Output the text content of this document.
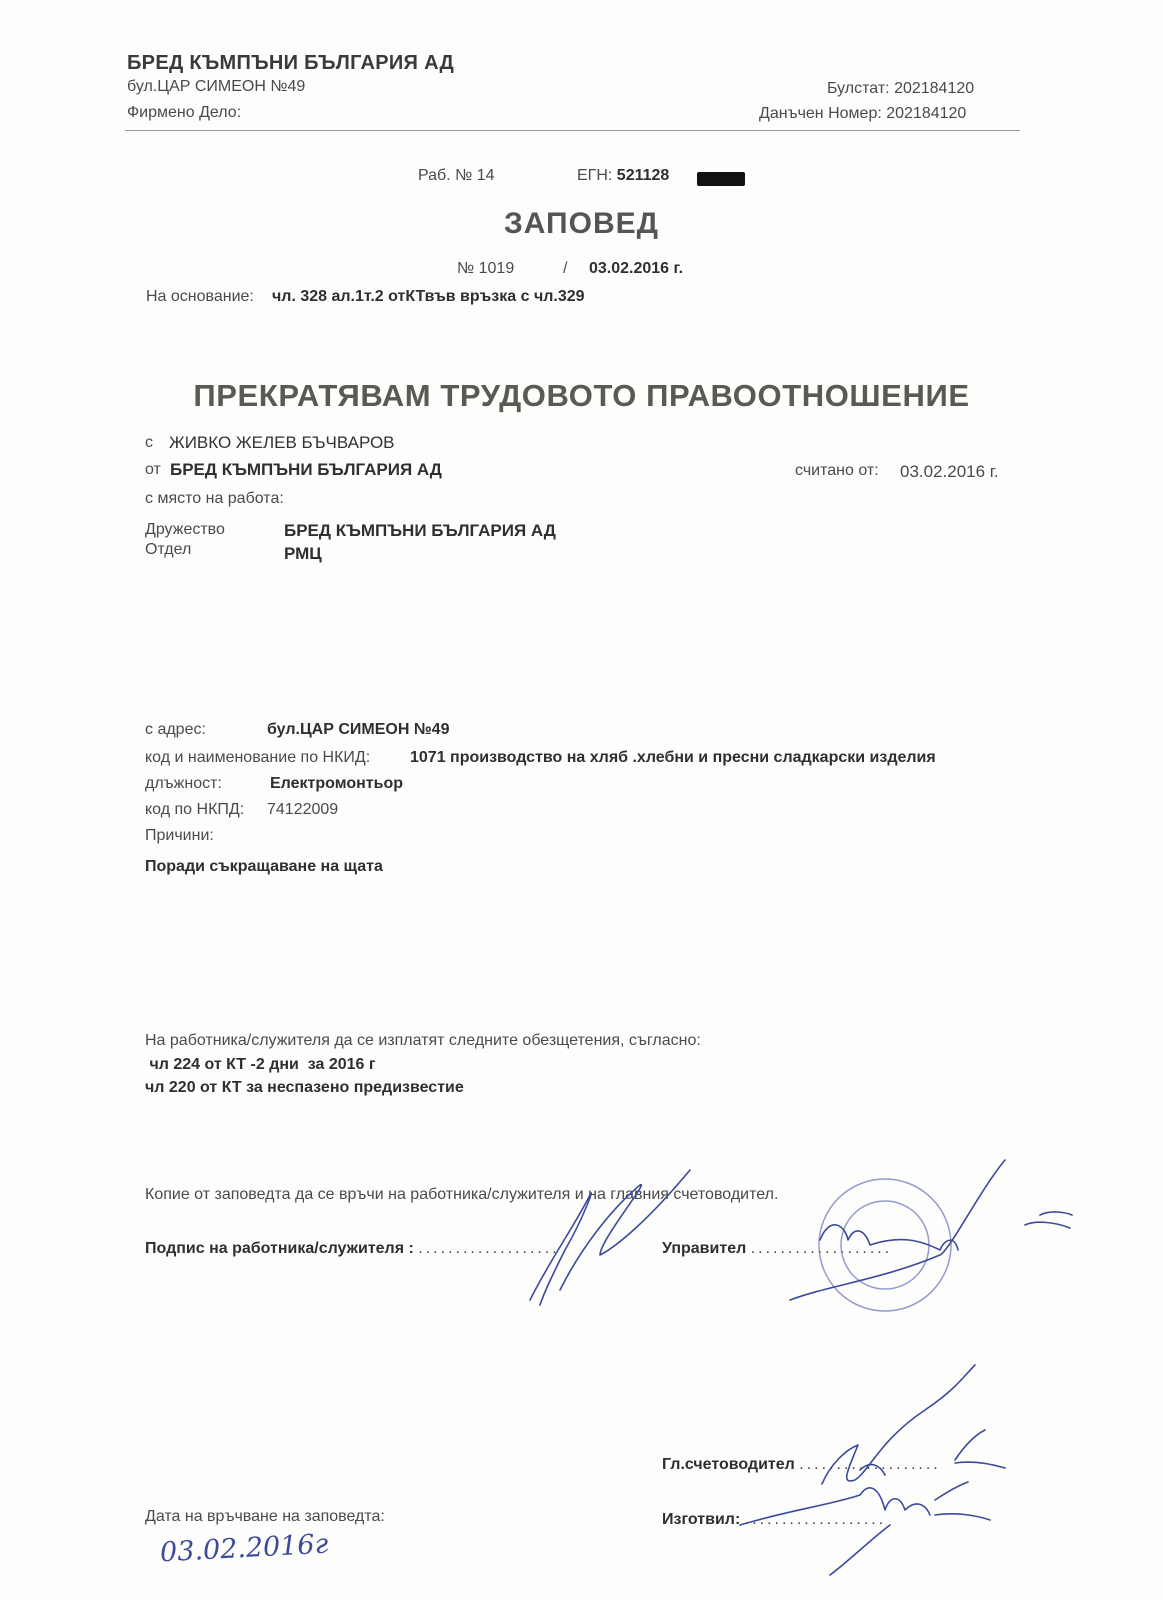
БРЕД КЪМПЪНИ БЪЛГАРИЯ АД
бул.ЦАР СИМЕОН №49
Фирмено Дело:
Булстат: 202184120
Данъчен Номер: 202184120
Раб. № 14	ЕГН: 521128
ЗАПОВЕД
№ 1019	/ 03.02.2016 г.
На основание: чл. 328 ал.1т.2 отКТвъв връзка с чл.329
ПРЕКРАТЯВАМ ТРУДОВОТО ПРАВООТНОШЕНИЕ
с ЖИВКО ЖЕЛЕВ БЪЧВАРОВ
от БРЕД КЪМПЪНИ БЪЛГАРИЯ АД	считано от: 03.02.2016 г.
с място на работа:
Дружество	БРЕД КЪМПЪНИ БЪЛГАРИЯ АД
Отдел	РМЦ
с адрес:	бул.ЦАР СИМЕОН №49
код и наименование по НКИД: 1071 производство на хляб .хлебни и пресни сладкарски изделия
длъжност:	Електромонтьор
код по НКПД: 74122009
Причини:
Поради съкращаване на щата
На работника/служителя да се изплатят следните обезщетения, съгласно:
чл 224 от КТ -2 дни  за 2016 г
чл 220 от КТ за неспазено предизвестие
Копие от заповедта да се връчи на работника/служителя и на главния счетоводител.
Подпис на работника/служителя : ...................	Управител ...................
Гл.счетоводител ...................
Изготвил: ...................
Дата на връчване на заповедта:
03.02.2016г
